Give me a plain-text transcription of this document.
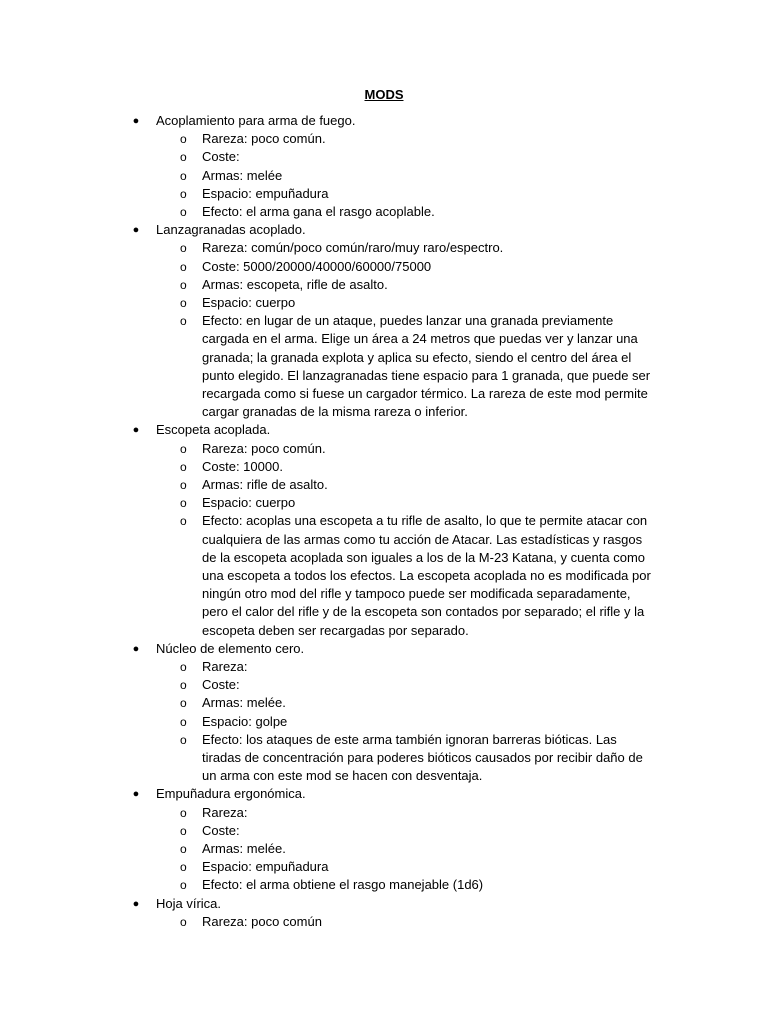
MODS
● Acoplamiento para arma de fuego.
o Rareza: poco común.
o Coste:
o Armas: melée
o Espacio: empuñadura
o Efecto: el arma gana el rasgo acoplable.
● Lanzagranadas acoplado.
o Rareza: común/poco común/raro/muy raro/espectro.
o Coste: 5000/20000/40000/60000/75000
o Armas: escopeta, rifle de asalto.
o Espacio: cuerpo
o Efecto: en lugar de un ataque, puedes lanzar una granada previamente cargada en el arma. Elige un área a 24 metros que puedas ver y lanzar una granada; la granada explota y aplica su efecto, siendo el centro del área el punto elegido. El lanzagranadas tiene espacio para 1 granada, que puede ser recargada como si fuese un cargador térmico. La rareza de este mod permite cargar granadas de la misma rareza o inferior.
● Escopeta acoplada.
o Rareza: poco común.
o Coste: 10000.
o Armas: rifle de asalto.
o Espacio: cuerpo
o Efecto: acoplas una escopeta a tu rifle de asalto, lo que te permite atacar con cualquiera de las armas como tu acción de Atacar. Las estadísticas y rasgos de la escopeta acoplada son iguales a los de la M-23 Katana, y cuenta como una escopeta a todos los efectos. La escopeta acoplada no es modificada por ningún otro mod del rifle y tampoco puede ser modificada separadamente, pero el calor del rifle y de la escopeta son contados por separado; el rifle y la escopeta deben ser recargadas por separado.
● Núcleo de elemento cero.
o Rareza:
o Coste:
o Armas: melée.
o Espacio: golpe
o Efecto: los ataques de este arma también ignoran barreras bióticas. Las tiradas de concentración para poderes bióticos causados por recibir daño de un arma con este mod se hacen con desventaja.
● Empuñadura ergonómica.
o Rareza:
o Coste:
o Armas: melée.
o Espacio: empuñadura
o Efecto: el arma obtiene el rasgo manejable (1d6)
● Hoja vírica.
o Rareza: poco común
